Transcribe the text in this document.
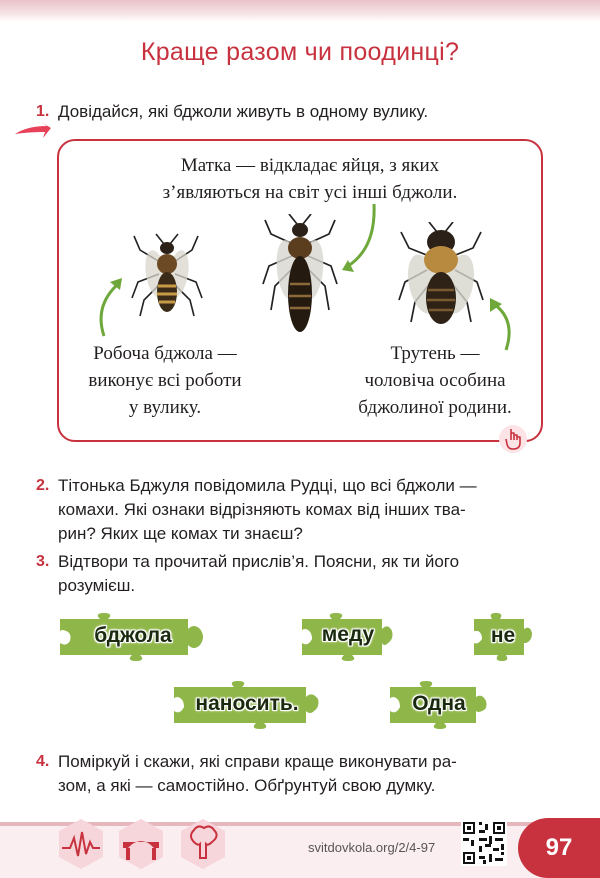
Краще разом чи поодинці?
1. Довідайся, які бджоли живуть в одному вулику.
Матка — відкладає яйця, з яких
з’являються на світ усі інші бджоли.
Робоча бджола —
виконує всі роботи
у вулику.
Трутень —
чоловіча особина
бджолиної родини.
2. Тітонька Бджуля повідомила Рудці, що всі бджоли —
комахи. Які ознаки відрізняють комах від інших тва-
рин? Яких ще комах ти знаєш?
3. Відтвори та прочитай прислів’я. Поясни, як ти його
розумієш.
бджола	меду	не
наносить.	Одна
4. Поміркуй і скажи, які справи краще виконувати ра-
зом, а які — самостійно. Обґрунтуй свою думку.
svitdovkola.org/2/4-97	97
